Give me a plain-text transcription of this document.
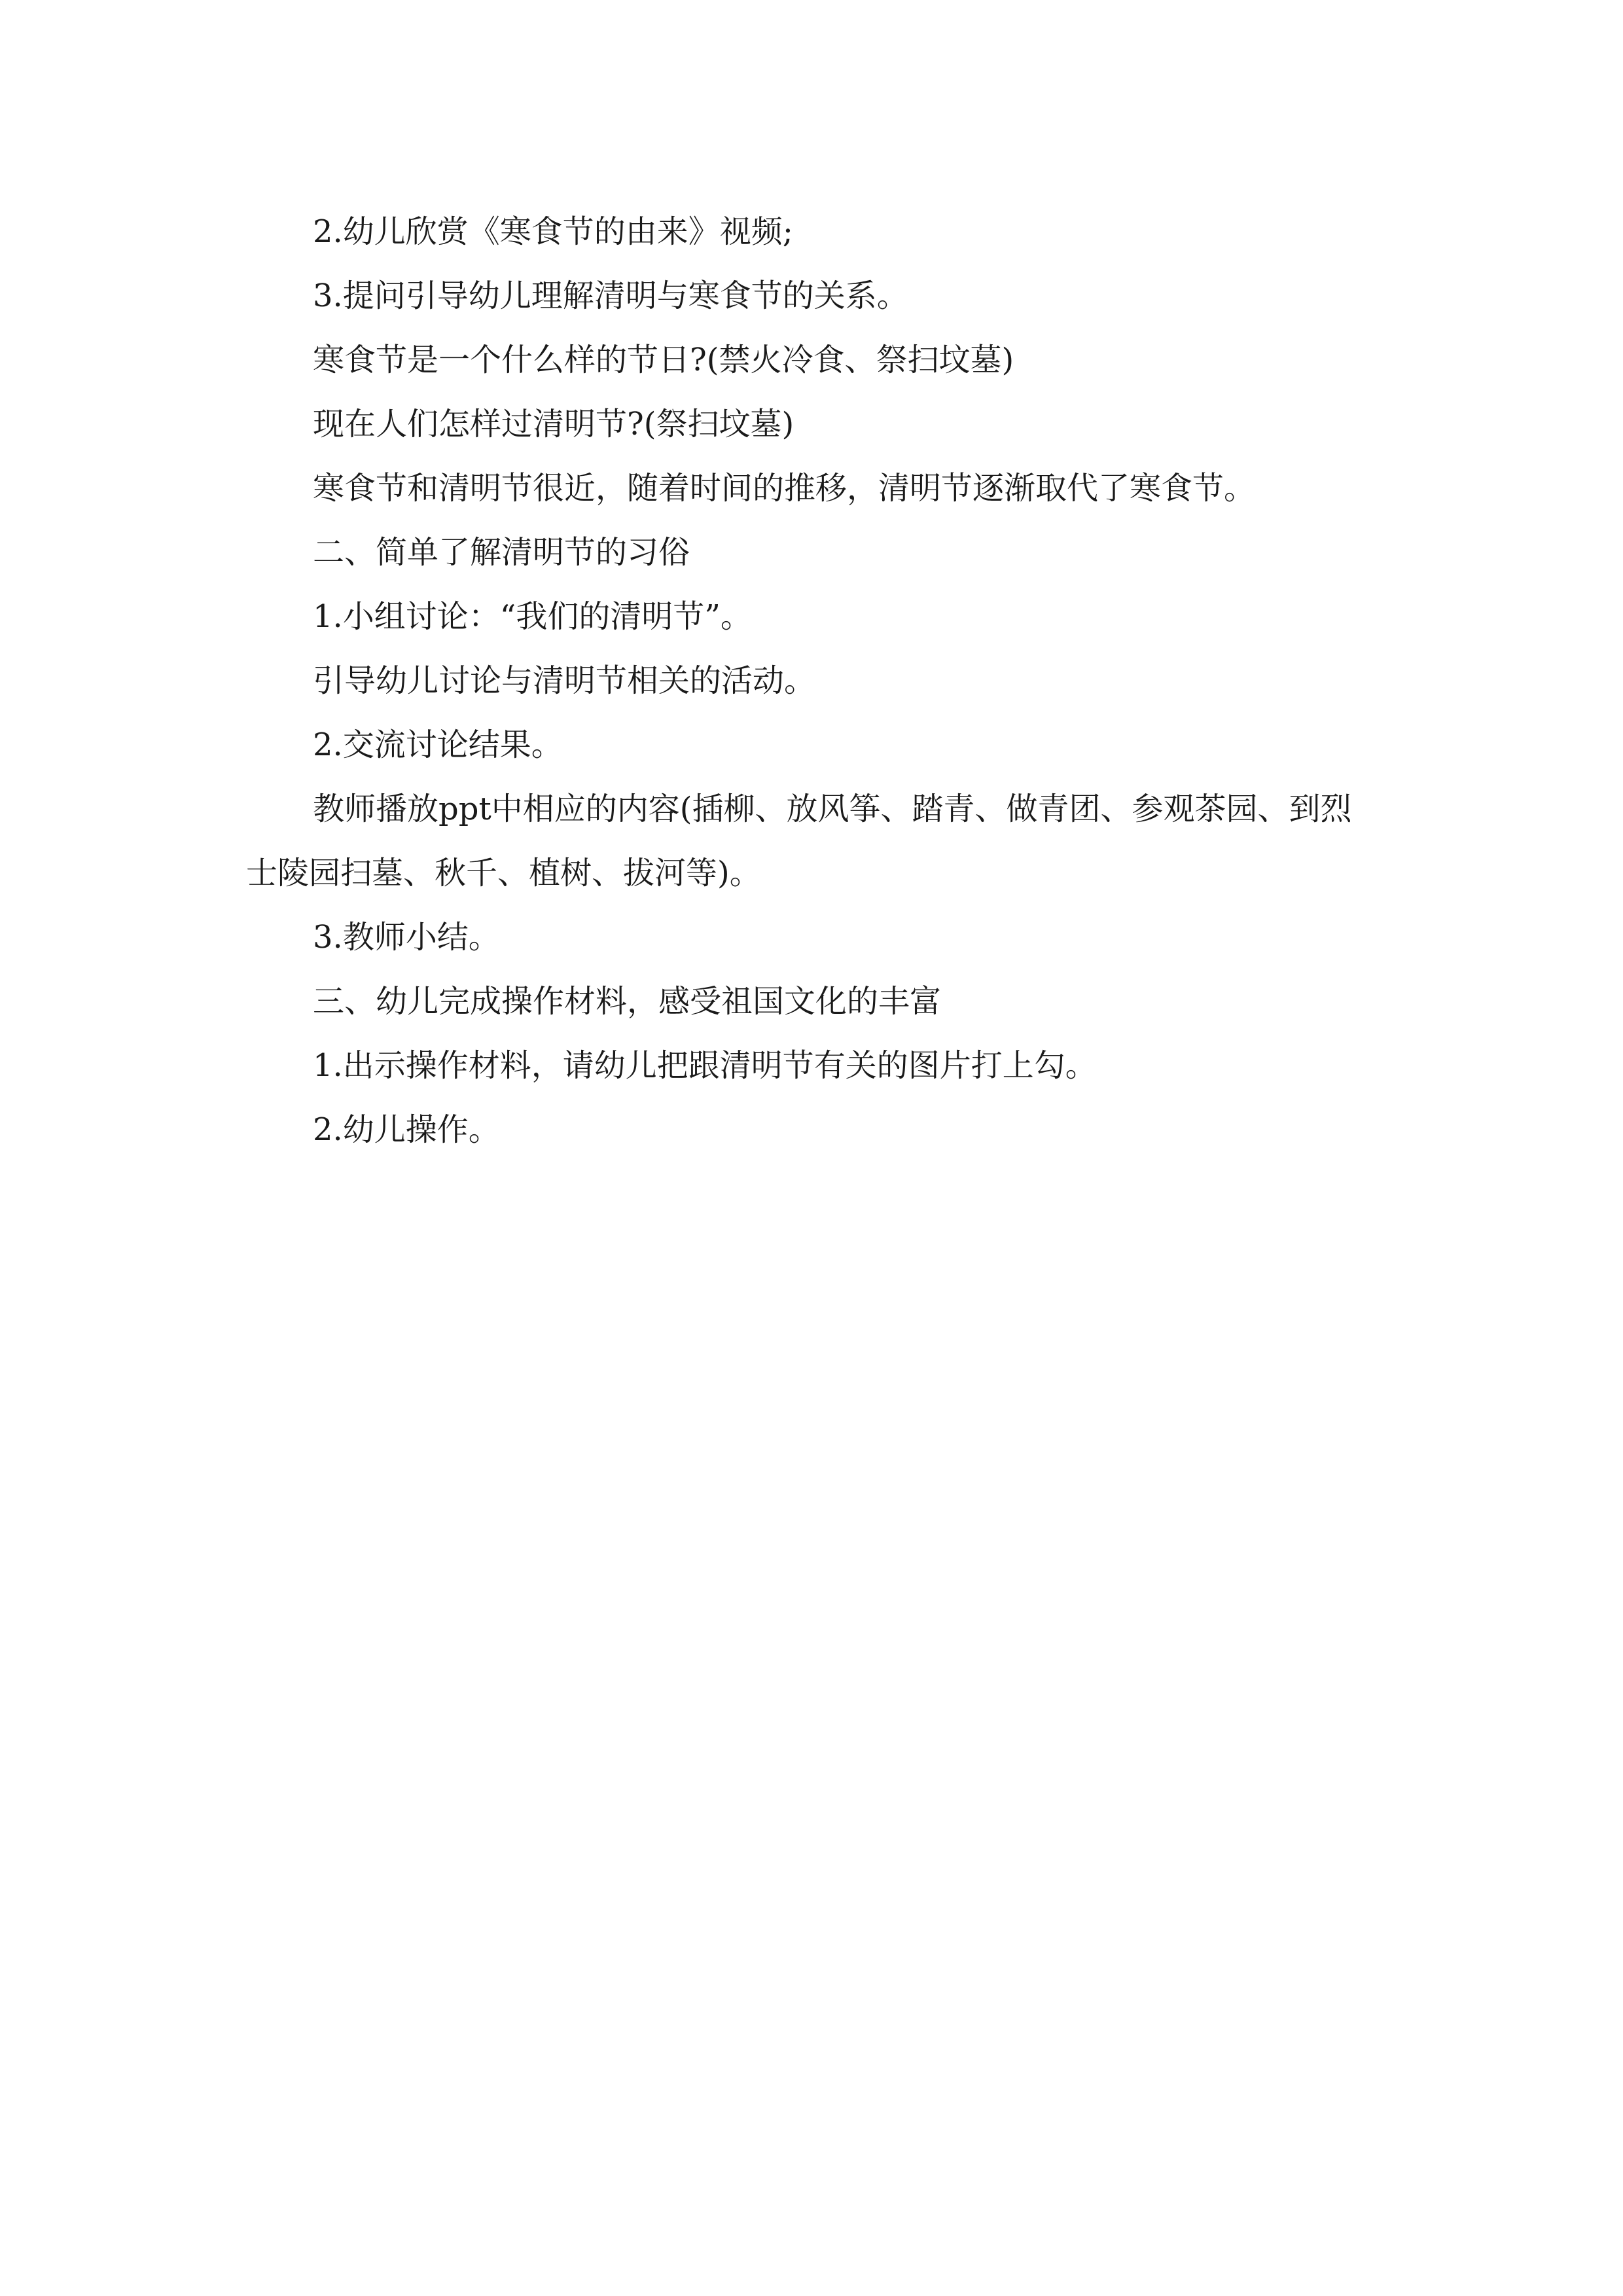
2.幼儿欣赏《寒食节的由来》视频;

3.提问引导幼儿理解清明与寒食节的关系。

寒食节是一个什么样的节日?(禁火冷食、祭扫坟墓)

现在人们怎样过清明节?(祭扫坟墓)

寒食节和清明节很近，随着时间的推移，清明节逐渐取代了寒食节。

二、简单了解清明节的习俗

1.小组讨论：“我们的清明节”。

引导幼儿讨论与清明节相关的活动。

2.交流讨论结果。

教师播放ppt中相应的内容(插柳、放风筝、踏青、做青团、参观茶园、到烈士陵园扫墓、秋千、植树、拔河等)。

3.教师小结。

三、幼儿完成操作材料，感受祖国文化的丰富

1.出示操作材料，请幼儿把跟清明节有关的图片打上勾。

2.幼儿操作。
